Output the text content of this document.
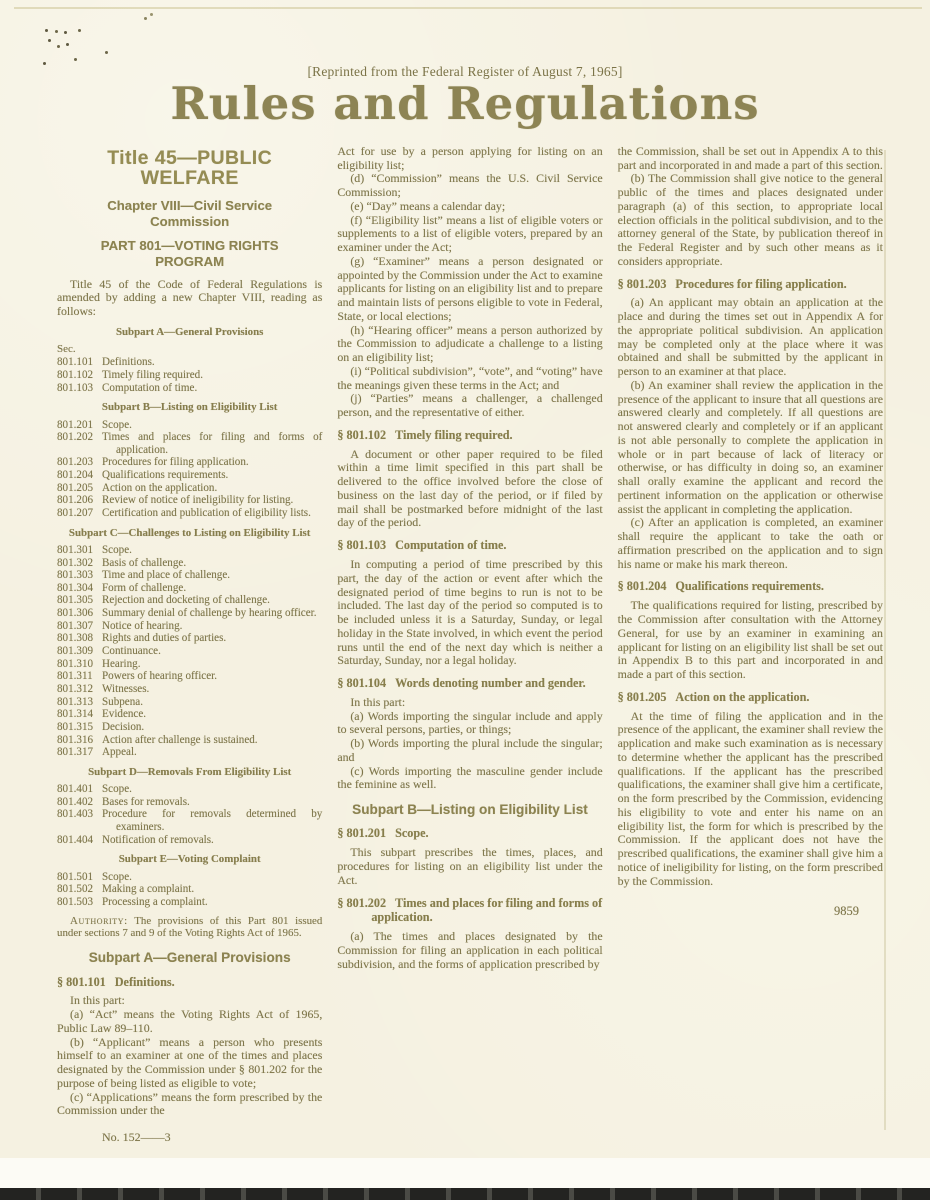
[Reprinted from the Federal Register of August 7, 1965]
Rules and Regulations
Title 45—PUBLIC WELFARE
Chapter VIII—Civil Service Commission
PART 801—VOTING RIGHTS PROGRAM

Title 45 of the Code of Federal Regulations is amended by adding a new Chapter VIII, reading as follows:

Subpart A—General Provisions
Sec.
801.101 Definitions.
801.102 Timely filing required.
801.103 Computation of time.
Subpart B—Listing on Eligibility List
801.201 Scope.
801.202 Times and places for filing and forms of application.
801.203 Procedures for filing application.
801.204 Qualifications requirements.
801.205 Action on the application.
801.206 Review of notice of ineligibility for listing.
801.207 Certification and publication of eligibility lists.
Subpart C—Challenges to Listing on Eligibility List
801.301 Scope.
801.302 Basis of challenge.
801.303 Time and place of challenge.
801.304 Form of challenge.
801.305 Rejection and docketing of challenge.
801.306 Summary denial of challenge by hearing officer.
801.307 Notice of hearing.
801.308 Rights and duties of parties.
801.309 Continuance.
801.310 Hearing.
801.311 Powers of hearing officer.
801.312 Witnesses.
801.313 Subpena.
801.314 Evidence.
801.315 Decision.
801.316 Action after challenge is sustained.
801.317 Appeal.
Subpart D—Removals From Eligibility List
801.401 Scope.
801.402 Bases for removals.
801.403 Procedure for removals determined by examiners.
801.404 Notification of removals.
Subpart E—Voting Complaint
801.501 Scope.
801.502 Making a complaint.
801.503 Processing a complaint.

Authority: The provisions of this Part 801 issued under sections 7 and 9 of the Voting Rights Act of 1965.

Subpart A—General Provisions
§ 801.101 Definitions.

In this part:

(a) “Act” means the Voting Rights Act of 1965, Public Law 89–110.

(b) “Applicant” means a person who presents himself to an examiner at one of the times and places designated by the Commission under § 801.202 for the purpose of being listed as eligible to vote;

(c) “Applications” means the form prescribed by the Commission under the

No. 152——3

Act for use by a person applying for listing on an eligibility list;

(d) “Commission” means the U.S. Civil Service Commission;

(e) “Day” means a calendar day;

(f) “Eligibility list” means a list of eligible voters or supplements to a list of eligible voters, prepared by an examiner under the Act;

(g) “Examiner” means a person designated or appointed by the Commission under the Act to examine applicants for listing on an eligibility list and to prepare and maintain lists of persons eligible to vote in Federal, State, or local elections;

(h) “Hearing officer” means a person authorized by the Commission to adjudicate a challenge to a listing on an eligibility list;

(i) “Political subdivision”, “vote”, and “voting” have the meanings given these terms in the Act; and

(j) “Parties” means a challenger, a challenged person, and the representative of either.

§ 801.102 Timely filing required.

A document or other paper required to be filed within a time limit specified in this part shall be delivered to the office involved before the close of business on the last day of the period, or if filed by mail shall be postmarked before midnight of the last day of the period.

§ 801.103 Computation of time.

In computing a period of time prescribed by this part, the day of the action or event after which the designated period of time begins to run is not to be included. The last day of the period so computed is to be included unless it is a Saturday, Sunday, or legal holiday in the State involved, in which event the period runs until the end of the next day which is neither a Saturday, Sunday, nor a legal holiday.

§ 801.104 Words denoting number and gender.

In this part:

(a) Words importing the singular include and apply to several persons, parties, or things;

(b) Words importing the plural include the singular; and

(c) Words importing the masculine gender include the feminine as well.

Subpart B—Listing on Eligibility List
§ 801.201 Scope.

This subpart prescribes the times, places, and procedures for listing on an eligibility list under the Act.

§ 801.202 Times and places for filing and forms of application.

(a) The times and places designated by the Commission for filing an application in each political subdivision, and the forms of application prescribed by

the Commission, shall be set out in Appendix A to this part and incorporated in and made a part of this section.

(b) The Commission shall give notice to the general public of the times and places designated under paragraph (a) of this section, to appropriate local election officials in the political subdivision, and to the attorney general of the State, by publication thereof in the Federal Register and by such other means as it considers appropriate.

§ 801.203 Procedures for filing application.

(a) An applicant may obtain an application at the place and during the times set out in Appendix A for the appropriate political subdivision. An application may be completed only at the place where it was obtained and shall be submitted by the applicant in person to an examiner at that place.

(b) An examiner shall review the application in the presence of the applicant to insure that all questions are answered clearly and completely. If all questions are not answered clearly and completely or if an applicant is not able personally to complete the application in whole or in part because of lack of literacy or otherwise, or has difficulty in doing so, an examiner shall orally examine the applicant and record the pertinent information on the application or otherwise assist the applicant in completing the application.

(c) After an application is completed, an examiner shall require the applicant to take the oath or affirmation prescribed on the application and to sign his name or make his mark thereon.

§ 801.204 Qualifications requirements.

The qualifications required for listing, prescribed by the Commission after consultation with the Attorney General, for use by an examiner in examining an applicant for listing on an eligibility list shall be set out in Appendix B to this part and incorporated in and made a part of this section.

§ 801.205 Action on the application.

At the time of filing the application and in the presence of the applicant, the examiner shall review the application and make such examination as is necessary to determine whether the applicant has the prescribed qualifications. If the applicant has the prescribed qualifications, the examiner shall give him a certificate, on the form prescribed by the Commission, evidencing his eligibility to vote and enter his name on an eligibility list, the form for which is prescribed by the Commission. If the applicant does not have the prescribed qualifications, the examiner shall give him a notice of ineligibility for listing, on the form prescribed by the Commission.

9859
